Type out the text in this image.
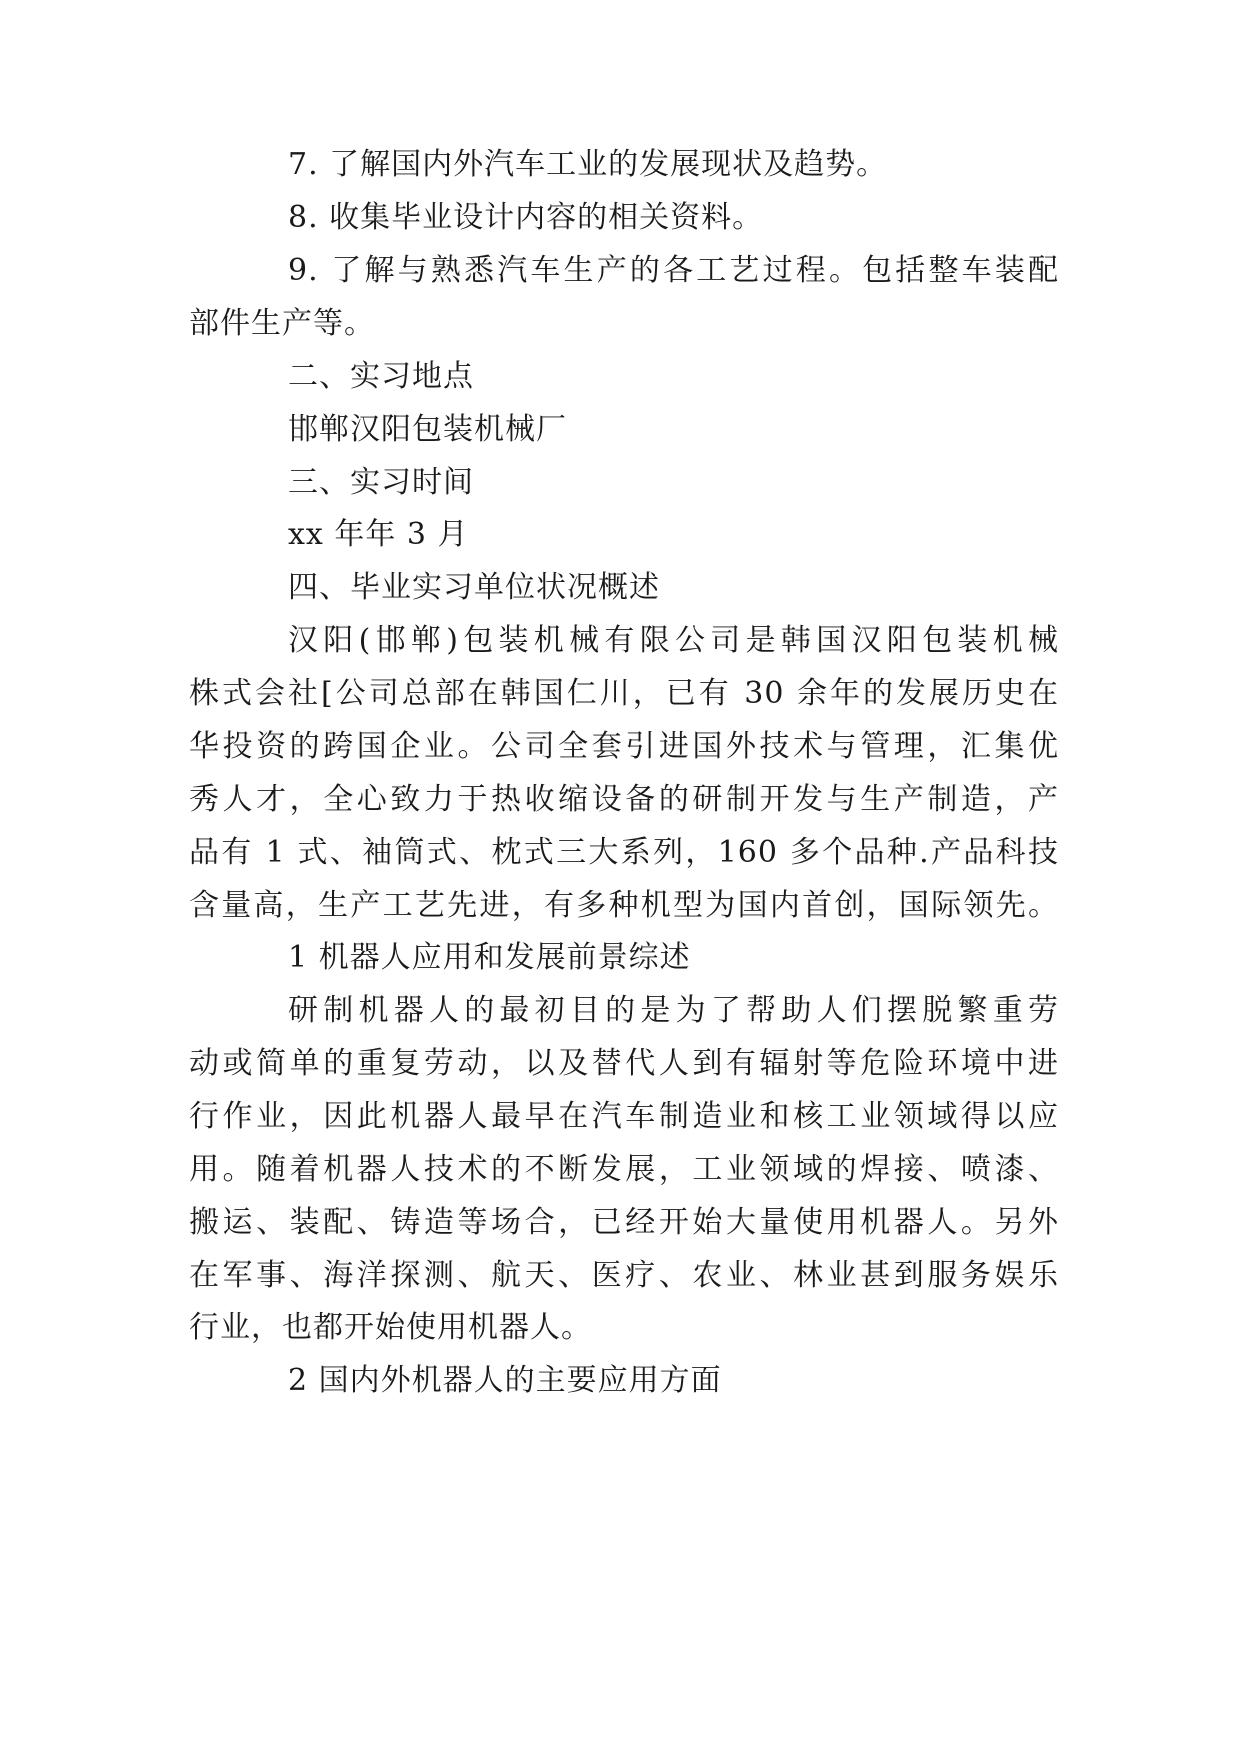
7. 了解国内外汽车工业的发展现状及趋势。
8. 收集毕业设计内容的相关资料。
9. 了解与熟悉汽车生产的各工艺过程。包括整车装配
部件生产等。
二、实习地点
邯郸汉阳包装机械厂
三、实习时间
xx 年年 3 月
四、毕业实习单位状况概述
汉阳(邯郸)包装机械有限公司是韩国汉阳包装机械
株式会社[公司总部在韩国仁川，已有 30 余年的发展历史在
华投资的跨国企业。公司全套引进国外技术与管理，汇集优
秀人才，全心致力于热收缩设备的研制开发与生产制造，产
品有 1 式、袖筒式、枕式三大系列，160 多个品种.产品科技
含量高，生产工艺先进，有多种机型为国内首创，国际领先。
1 机器人应用和发展前景综述
研制机器人的最初目的是为了帮助人们摆脱繁重劳
动或简单的重复劳动，以及替代人到有辐射等危险环境中进
行作业，因此机器人最早在汽车制造业和核工业领域得以应
用。随着机器人技术的不断发展，工业领域的焊接、喷漆、
搬运、装配、铸造等场合，已经开始大量使用机器人。另外
在军事、海洋探测、航天、医疗、农业、林业甚到服务娱乐
行业，也都开始使用机器人。
2 国内外机器人的主要应用方面
